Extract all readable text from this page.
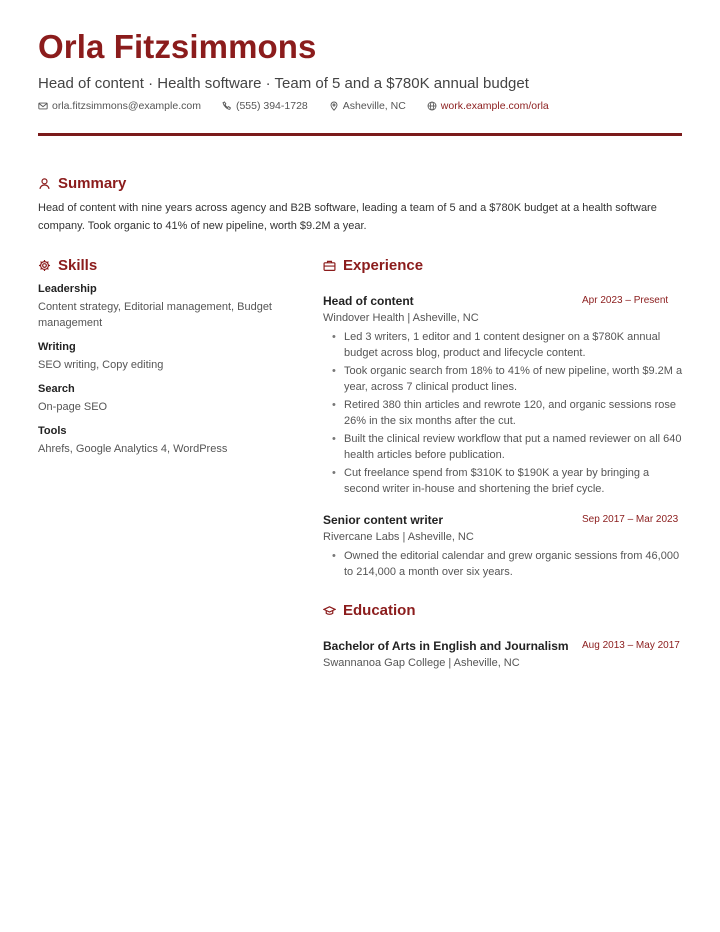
Orla Fitzsimmons
Head of content · Health software · Team of 5 and a $780K annual budget
orla.fitzsimmons@example.com	(555) 394-1728	Asheville, NC	work.example.com/orla
Summary
Head of content with nine years across agency and B2B software, leading a team of 5 and a $780K budget at a health software company. Took organic to 41% of new pipeline, worth $9.2M a year.
Skills
Leadership
Content strategy, Editorial management, Budget management
Writing
SEO writing, Copy editing
Search
On-page SEO
Tools
Ahrefs, Google Analytics 4, WordPress
Experience
Head of content	Apr 2023 – Present
Windover Health | Asheville, NC
• Led 3 writers, 1 editor and 1 content designer on a $780K annual budget across blog, product and lifecycle content.
• Took organic search from 18% to 41% of new pipeline, worth $9.2M a year, across 7 clinical product lines.
• Retired 380 thin articles and rewrote 120, and organic sessions rose 26% in the six months after the cut.
• Built the clinical review workflow that put a named reviewer on all 640 health articles before publication.
• Cut freelance spend from $310K to $190K a year by bringing a second writer in-house and shortening the brief cycle.
Senior content writer	Sep 2017 – Mar 2023
Rivercane Labs | Asheville, NC
• Owned the editorial calendar and grew organic sessions from 46,000 to 214,000 a month over six years.
Education
Bachelor of Arts in English and Journalism	Aug 2013 – May 2017
Swannanoa Gap College | Asheville, NC
